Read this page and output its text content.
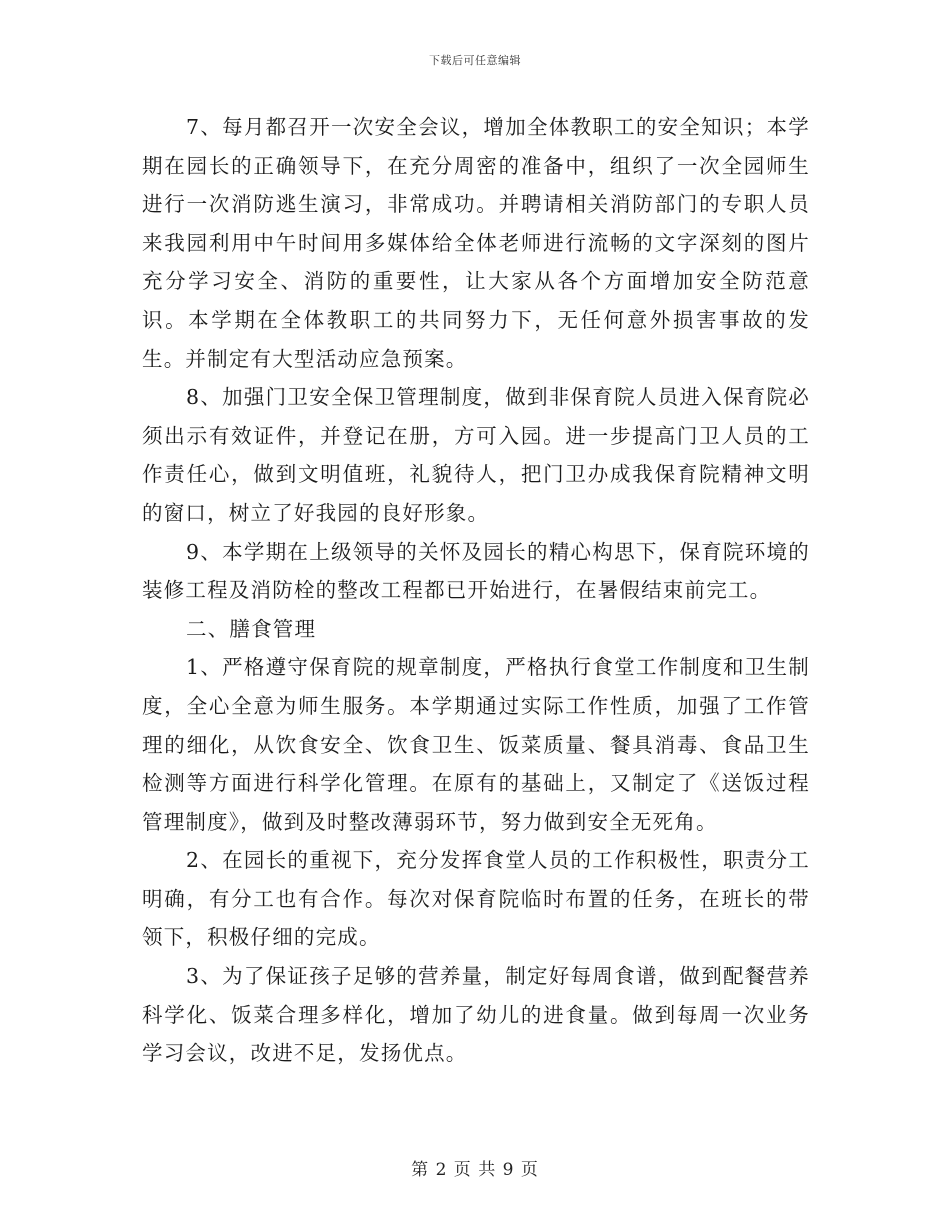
下载后可任意编辑

7、每月都召开一次安全会议，增加全体教职工的安全知识；本学期在园长的正确领导下，在充分周密的准备中，组织了一次全园师生进行一次消防逃生演习，非常成功。并聘请相关消防部门的专职人员来我园利用中午时间用多媒体给全体老师进行流畅的文字深刻的图片充分学习安全、消防的重要性，让大家从各个方面增加安全防范意识。本学期在全体教职工的共同努力下，无任何意外损害事故的发生。并制定有大型活动应急预案。

8、加强门卫安全保卫管理制度，做到非保育院人员进入保育院必须出示有效证件，并登记在册，方可入园。进一步提高门卫人员的工作责任心，做到文明值班，礼貌待人，把门卫办成我保育院精神文明的窗口，树立了好我园的良好形象。

9、本学期在上级领导的关怀及园长的精心构思下，保育院环境的装修工程及消防栓的整改工程都已开始进行，在暑假结束前完工。

二、膳食管理

1、严格遵守保育院的规章制度，严格执行食堂工作制度和卫生制度，全心全意为师生服务。本学期通过实际工作性质，加强了工作管理的细化，从饮食安全、饮食卫生、饭菜质量、餐具消毒、食品卫生检测等方面进行科学化管理。在原有的基础上，又制定了《送饭过程管理制度》，做到及时整改薄弱环节，努力做到安全无死角。

2、在园长的重视下，充分发挥食堂人员的工作积极性，职责分工明确，有分工也有合作。每次对保育院临时布置的任务，在班长的带领下，积极仔细的完成。

3、为了保证孩子足够的营养量，制定好每周食谱，做到配餐营养科学化、饭菜合理多样化，增加了幼儿的进食量。做到每周一次业务学习会议，改进不足，发扬优点。

第 2 页 共 9 页
